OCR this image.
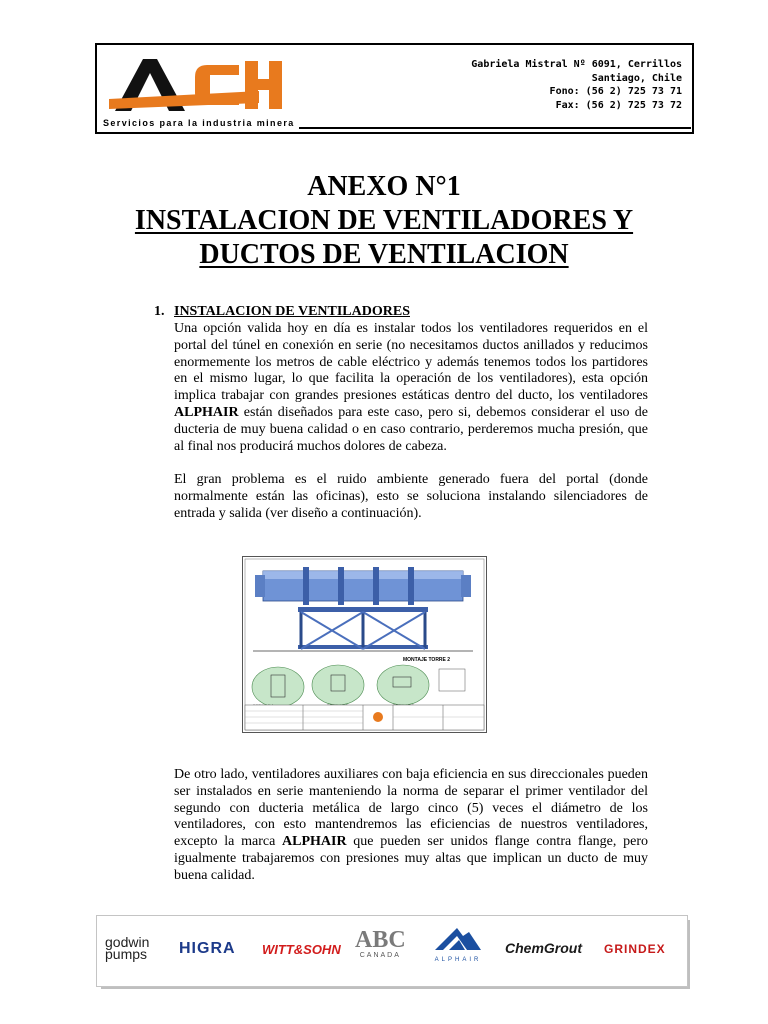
Servicios para la industria minera
Gabriela Mistral Nº 6091, Cerrillos
Santiago, Chile
Fono: (56 2) 725 73 71
Fax: (56 2) 725 73 72
ANEXO N°1
INSTALACION DE VENTILADORES Y
DUCTOS DE VENTILACION
1. INSTALACION DE VENTILADORES
Una opción valida hoy en día es instalar todos los ventiladores requeridos en el portal del túnel en conexión en serie (no necesitamos ductos anillados y reducimos enormemente los metros de cable eléctrico y además tenemos todos los partidores en el mismo lugar, lo que facilita la operación de los ventiladores), esta opción implica trabajar con grandes presiones estáticas dentro del ducto, los ventiladores ALPHAIR están diseñados para este caso, pero si, debemos considerar el uso de ducteria de muy buena calidad o en caso contrario, perderemos mucha presión, que al final nos producirá muchos dolores de cabeza.
El gran problema es el ruido ambiente generado fuera del portal (donde normalmente están las oficinas), esto se soluciona instalando silenciadores de entrada y salida (ver diseño a continuación).
MONTAJE TORRE 2
De otro lado, ventiladores auxiliares con baja eficiencia en sus direccionales pueden ser instalados en serie manteniendo la norma de separar el primer ventilador del segundo con ducteria metálica de largo cinco (5) veces el diámetro de los ventiladores, con esto mantendremos las eficiencias de nuestros ventiladores, excepto la marca ALPHAIR que pueden ser unidos flange contra flange, pero igualmente trabajaremos con presiones muy altas que implican un ducto de muy buena calidad.
godwin
pumps HIGRA WITT&SOHN ABC
CANADA
ALPHAIR
ChemGrout GRINDEX
